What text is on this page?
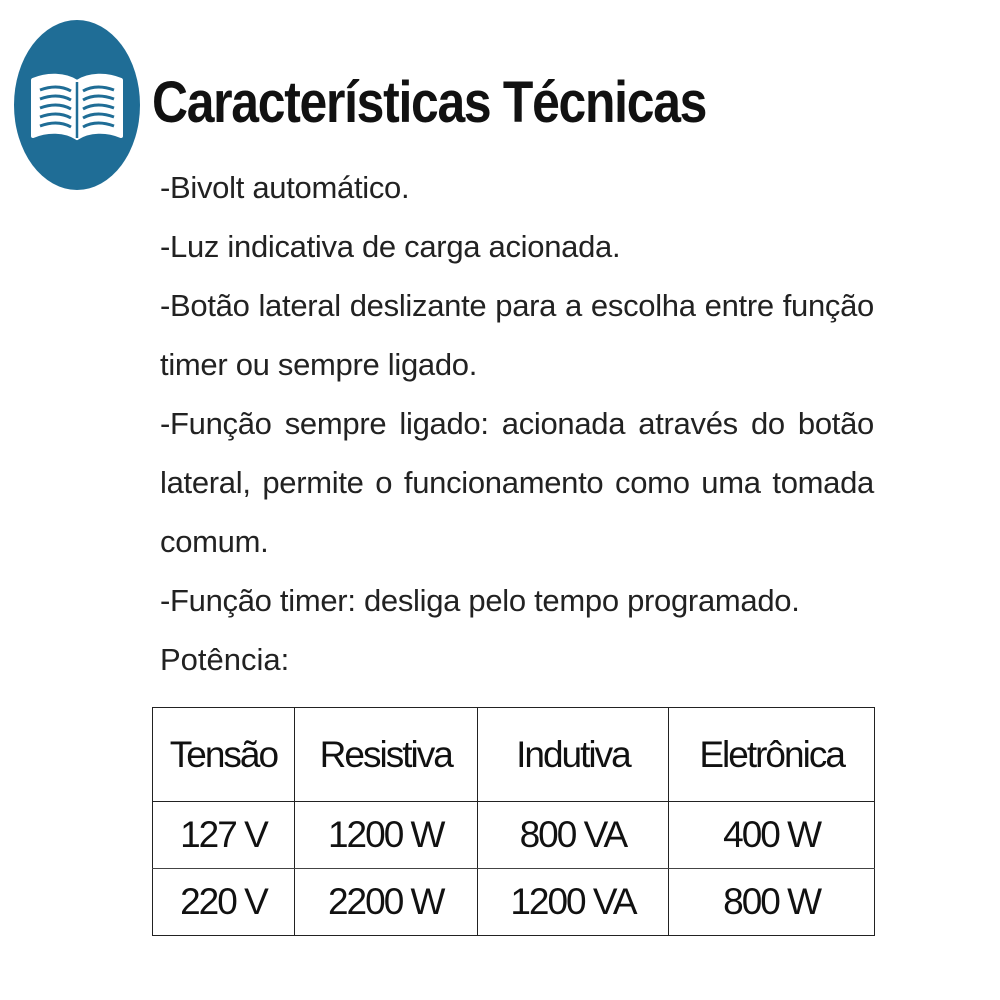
Características Técnicas

-Bivolt automático.

-Luz indicativa de carga acionada.

-Botão lateral deslizante para a escolha entre função timer ou sempre ligado.

-Função sempre ligado: acionada através do botão lateral, permite o funcionamento como uma tomada comum.

-Função timer: desliga pelo tempo programado.

Potência:

Tensão	Resistiva	Indutiva	Eletrônica
127 V	1200 W	800 VA	400 W
220 V	2200 W	1200 VA	800 W
